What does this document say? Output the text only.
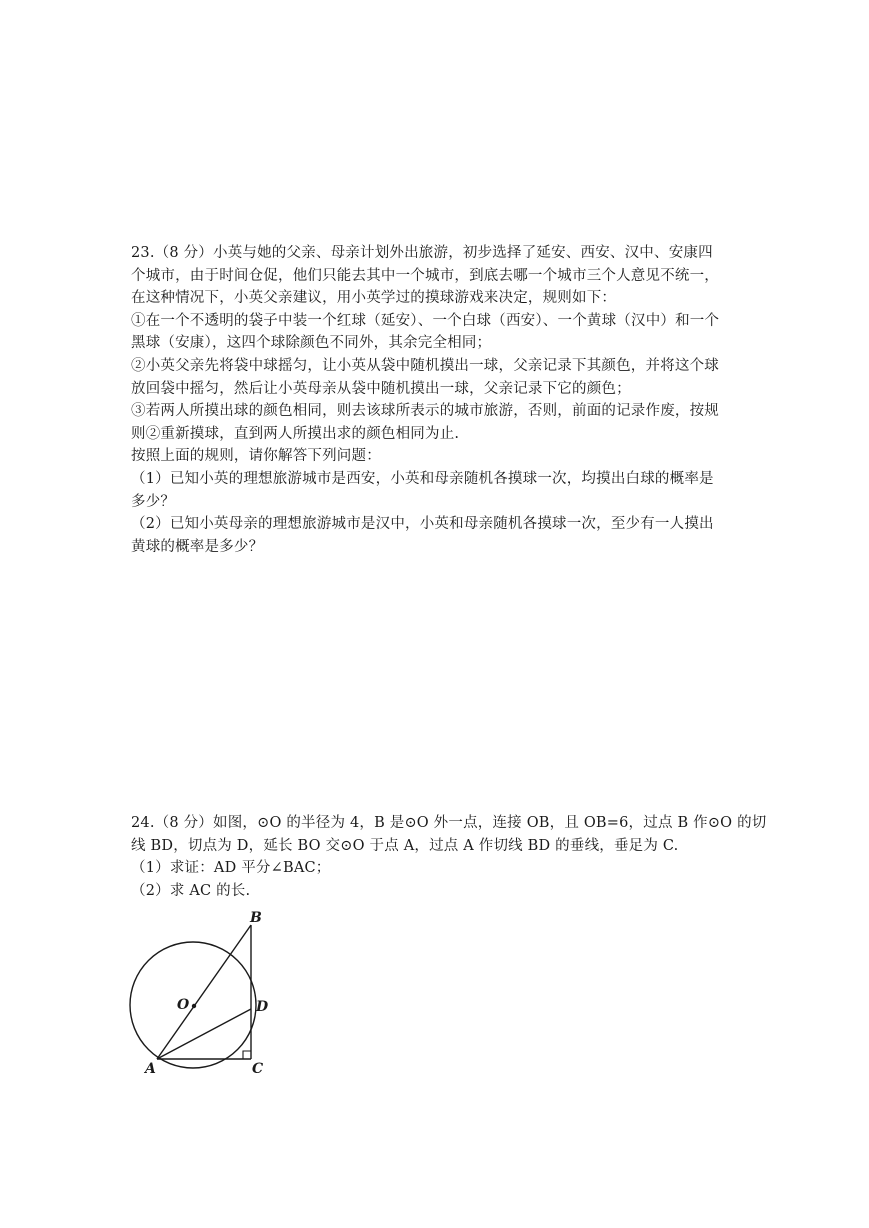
23.（8 分）小英与她的父亲、母亲计划外出旅游，初步选择了延安、西安、汉中、安康四
个城市，由于时间仓促，他们只能去其中一个城市，到底去哪一个城市三个人意见不统一，
在这种情况下，小英父亲建议，用小英学过的摸球游戏来决定，规则如下：
①在一个不透明的袋子中装一个红球（延安）、一个白球（西安）、一个黄球（汉中）和一个
黑球（安康），这四个球除颜色不同外，其余完全相同；
②小英父亲先将袋中球摇匀，让小英从袋中随机摸出一球，父亲记录下其颜色，并将这个球
放回袋中摇匀，然后让小英母亲从袋中随机摸出一球，父亲记录下它的颜色；
③若两人所摸出球的颜色相同，则去该球所表示的城市旅游，否则，前面的记录作废，按规
则②重新摸球，直到两人所摸出求的颜色相同为止.
按照上面的规则，请你解答下列问题：
（1）已知小英的理想旅游城市是西安，小英和母亲随机各摸球一次，均摸出白球的概率是
多少？
（2）已知小英母亲的理想旅游城市是汉中，小英和母亲随机各摸球一次，至少有一人摸出
黄球的概率是多少？
24.（8 分）如图，⊙O 的半径为 4，B 是⊙O 外一点，连接 OB，且 OB=6，过点 B 作⊙O 的切
线 BD，切点为 D，延长 BO 交⊙O 于点 A，过点 A 作切线 BD 的垂线，垂足为 C.
（1）求证：AD 平分∠BAC；
（2）求 AC 的长.
B
O	D
A	C
